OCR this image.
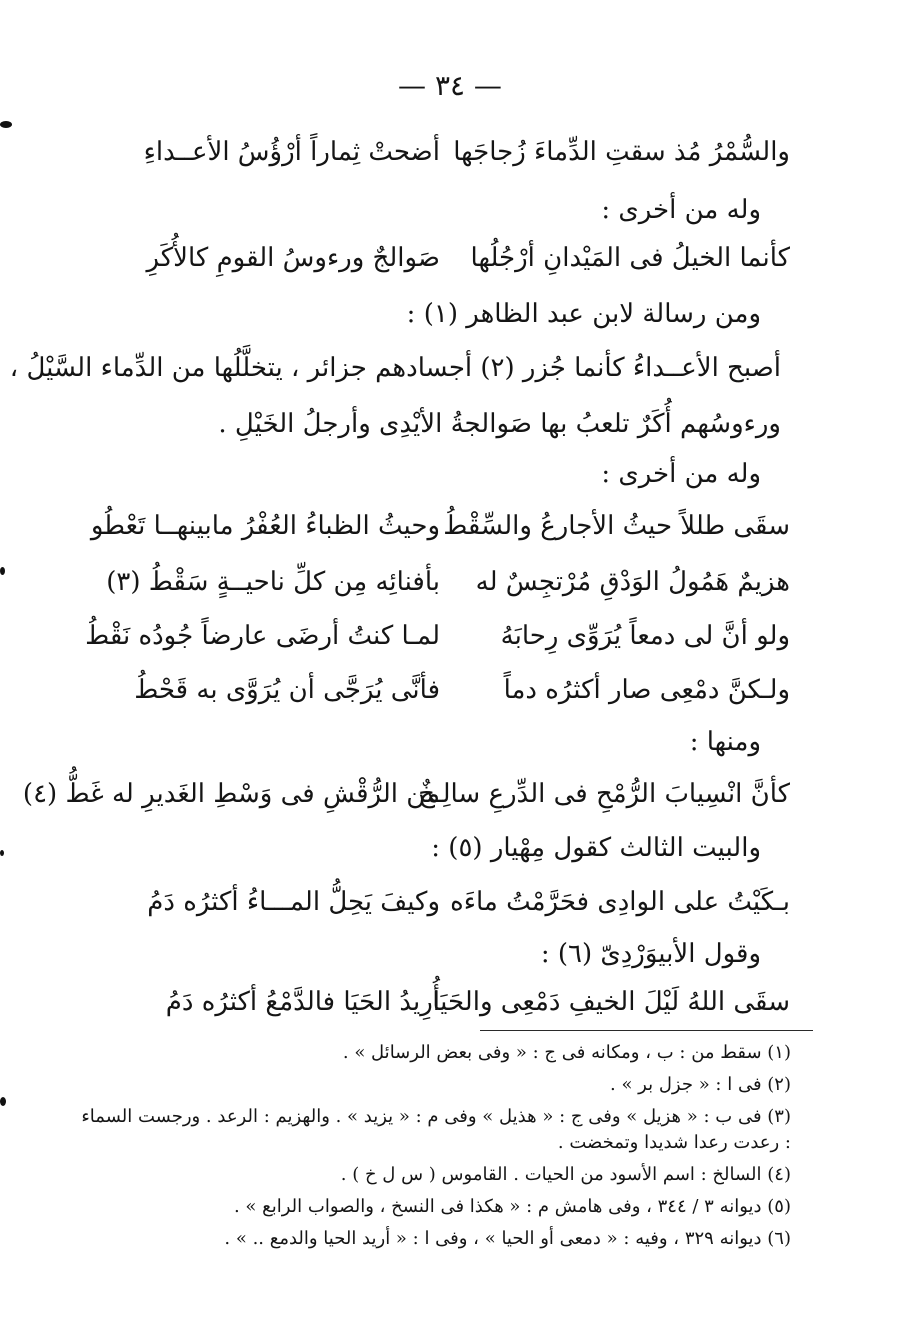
— ٣٤ —
والسُّمْرُ مُذ سقتِ الدِّماءَ زُجاجَها
أضحتْ ثِماراً أرْؤُسُ الأعــداءِ
وله من أخرى :
كأنما الخيلُ فى المَيْدانِ أرْجُلُها
صَوالجٌ ورءوسُ القومِ كالأُكَرِ
ومن رسالة لابن عبد الظاهر (١) :
أصبح الأعــداءُ كأنما جُزر (٢) أجسادهم جزائر ، يتخلَّلُها من الدِّماء السَّيْلُ ،
ورءوسُهم أُكَرٌ تلعبُ بها صَوالجةُ الأيْدِى وأرجلُ الخَيْلِ .
وله من أخرى :
سقَى طللاً حيثُ الأجارعُ والسِّقْطُ
وحيثُ الظباءُ العُفْرُ مابينهــا تَعْطُو
هزيمٌ هَمُولُ الوَدْقِ مُرْتجِسٌ له
بأفنائِه مِن كلِّ ناحيــةٍ سَقْطُ (٣)
ولو أنَّ لى دمعاً يُرَوِّى رِحابَهُ
لمـا كنتُ أرضَى عارضاً جُودُه نَقْطُ
ولـكنَّ دمْعِى صار أكثرُه دماً
فأنَّى يُرَجَّى أن يُرَوَّى به قَحْطُ
ومنها :
كأنَّ انْسِيابَ الرُّمْحِ فى الدِّرعِ سالِـخٌ
من الرُّقْشِ فى وَسْطِ الغَديرِ له غَطُّ (٤)
والبيت الثالث كقول مِهْيار (٥) :
بـكَيْتُ على الوادِى فحَرَّمْتُ ماءَه
وكيفَ يَحِلُّ المـــاءُ أكثرُه دَمُ
وقول الأبيوَرْدِىّ (٦) :
سقَى اللهُ لَيْلَ الخيفِ دَمْعِى والحَيَا
أُرِيدُ الحَيَا فالدَّمْعُ أكثرُه دَمُ
(١) سقط من : ب ، ومكانه فى ج : « وفى بعض الرسائل » .
(٢) فى ا : « جزل بر » .
(٣) فى ب : « هزيل » وفى ج : « هذيل » وفى م : « يزيد » . والهزيم : الرعد . ورجست السماء : رعدت رعدا شديدا وتمخضت .
(٤) السالخ : اسم الأسود من الحيات . القاموس ( س ل خ ) .
(٥) ديوانه ٣ / ٣٤٤ ، وفى هامش م : « هكذا فى النسخ ، والصواب الرابع » .
(٦) ديوانه ٣٢٩ ، وفيه : « دمعى أو الحيا » ، وفى ا : « أريد الحيا والدمع .. » .
